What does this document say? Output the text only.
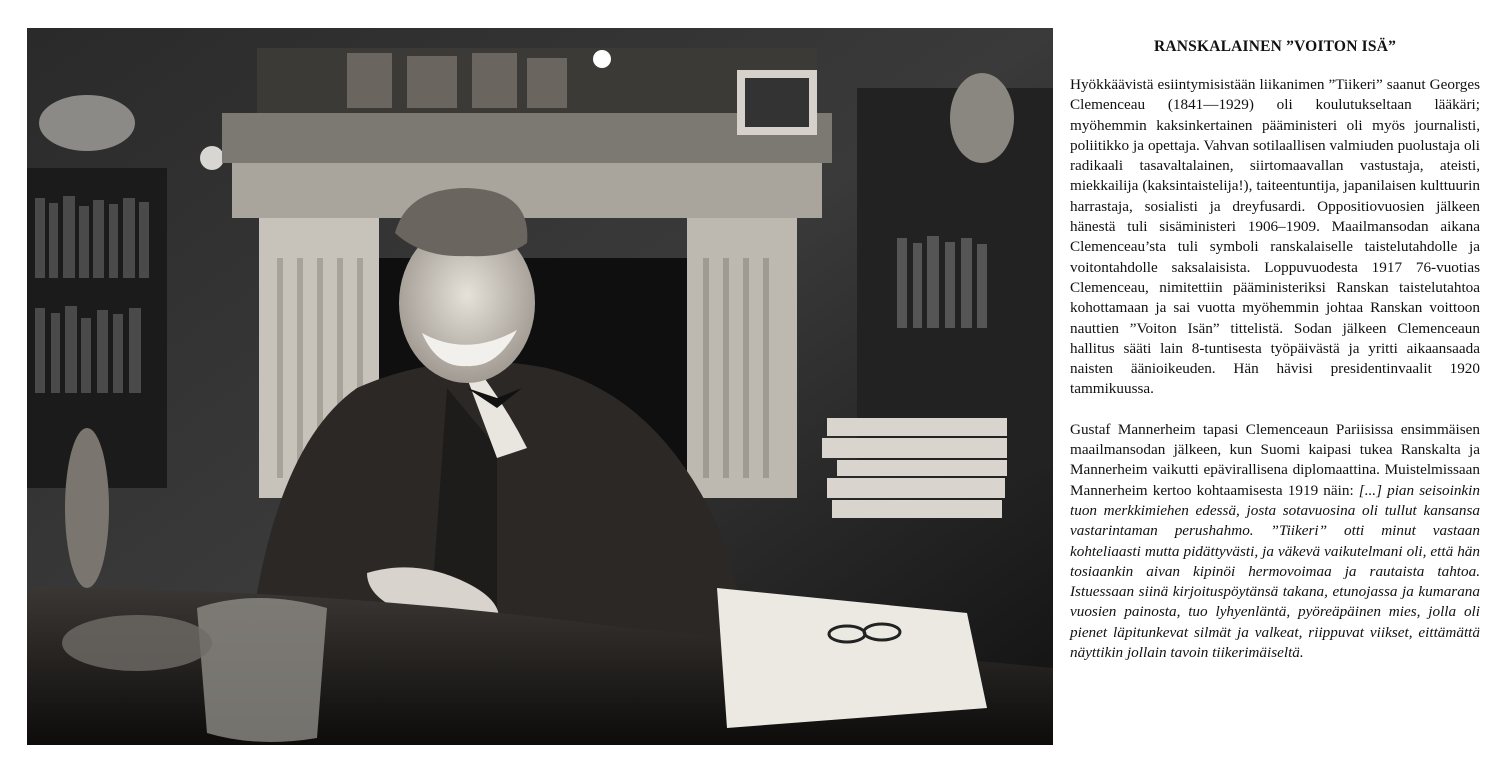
RANSKALAINEN ”VOITON ISÄ”

Hyökkäävistä esiintymisistään liikanimen ”Tiikeri” saanut Georges Clemenceau (1841—1929) oli koulutukseltaan lääkäri; myöhemmin kaksinkertainen pääministeri oli myös journalisti, poliitikko ja opettaja. Vahvan sotilaallisen valmiuden puolustaja oli radikaali tasavaltalainen, siirtomaavallan vastustaja, ateisti, miekkailija (kaksintaistelija!), taiteentuntija, japanilaisen kulttuurin harrastaja, sosialisti ja dreyfusardi. Oppositiovuosien jälkeen hänestä tuli sisäministeri 1906–1909. Maailmansodan aikana Clemenceau’sta tuli symboli ranskalaiselle taistelutahdolle ja voitontahdolle saksalaisista. Loppuvuodesta 1917 76-vuotias Clemenceau, nimitettiin pääministeriksi Ranskan taistelutahtoa kohottamaan ja sai vuotta myöhemmin johtaa Ranskan voittoon nauttien ”Voiton Isän” tittelistä. Sodan jälkeen Clemenceaun hallitus sääti lain 8-tuntisesta työpäivästä ja yritti aikaansaada naisten äänioikeuden. Hän hävisi presidentinvaalit 1920 tammikuussa.

Gustaf Mannerheim tapasi Clemenceaun Pariisissa ensimmäisen maailmansodan jälkeen, kun Suomi kaipasi tukea Ranskalta ja Mannerheim vaikutti epävirallisena diplomaattina. Muistelmissaan Mannerheim kertoo kohtaamisesta 1919 näin: [...] pian seisoinkin tuon merkkimiehen edessä, josta sotavuosina oli tullut kansansa vastarintaman perushahmo. ”Tiikeri” otti minut vastaan kohteliaasti mutta pidättyvästi, ja väkevä vaikutelmani oli, että hän tosiaankin aivan kipinöi hermovoimaa ja rautaista tahtoa. Istuessaan siinä kirjoituspöytänsä takana, etunojassa ja kumarana vuosien painosta, tuo lyhyenläntä, pyöreäpäinen mies, jolla oli pienet läpitunkevat silmät ja valkeat, riippuvat viikset, eittämättä näyttikin jollain tavoin tiikerimäiseltä.
